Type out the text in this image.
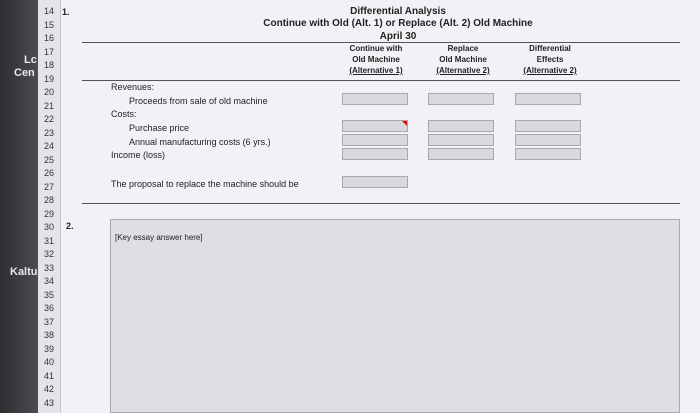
Lc
Cen
Kaltu
14
15
16
17
18
19
20
21
22
23
24
25
26
27
28
29
30
31
32
33
34
35
36
37
38
39
40
41
42
43
1.	Differential Analysis
Continue with Old (Alt. 1) or Replace (Alt. 2) Old Machine
April 30
Continue with
Old Machine
(Alternative 1)
Replace
Old Machine
(Alternative 2)
Differential
Effects
(Alternative 2)
Revenues:
Proceeds from sale of old machine
Costs:
Purchase price
Annual manufacturing costs (6 yrs.)
Income (loss)
The proposal to replace the machine should be
2.
[Key essay answer here]
